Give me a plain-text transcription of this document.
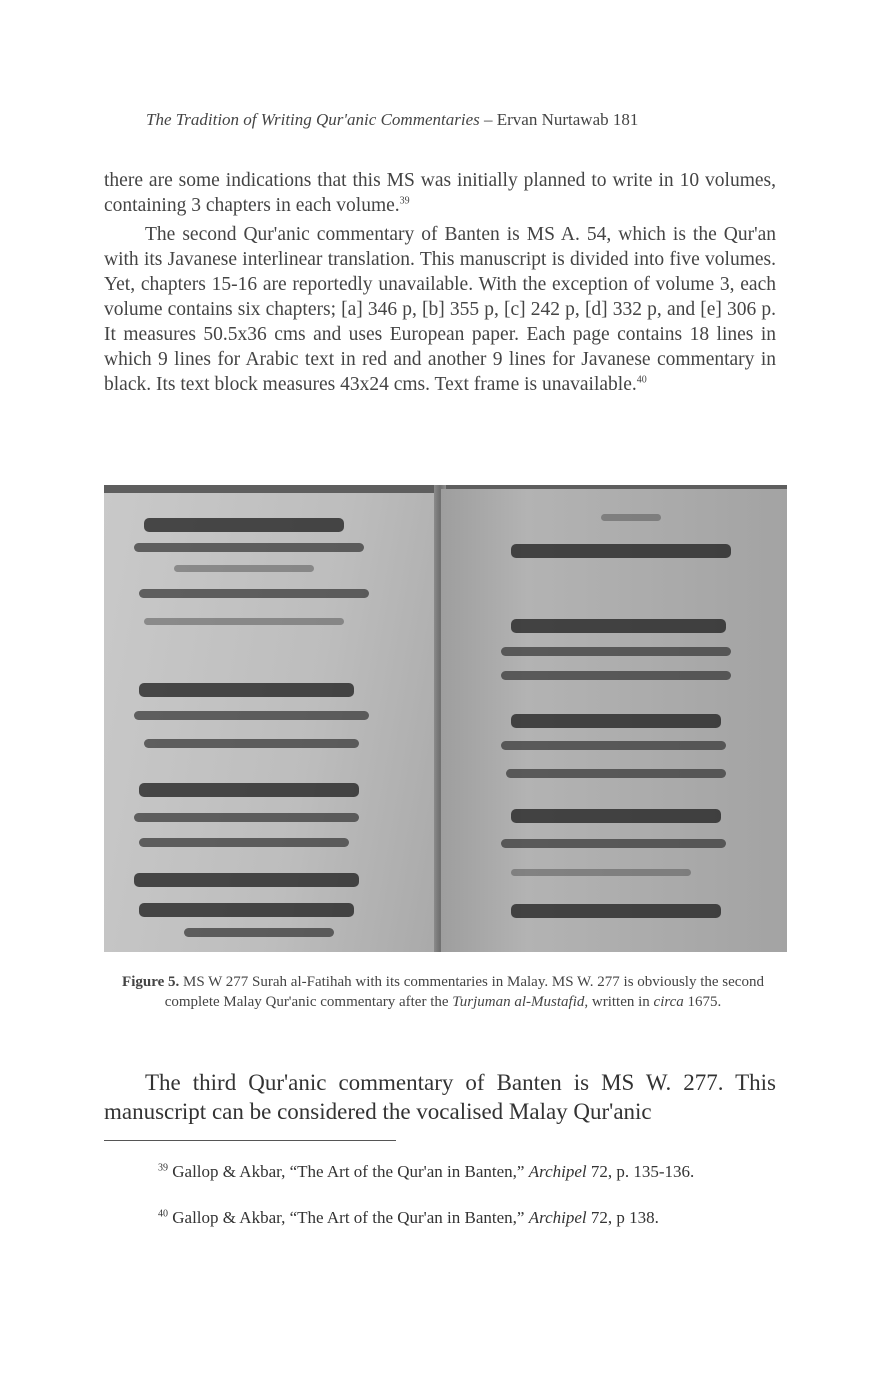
The Tradition of Writing Qur'anic Commentaries – Ervan Nurtawab 181
there are some indications that this MS was initially planned to write in 10 volumes, containing 3 chapters in each volume.$^{39}$
The second Qur'anic commentary of Banten is MS A. 54, which is the Qur'an with its Javanese interlinear translation. This manuscript is divided into five volumes. Yet, chapters 15-16 are reportedly unavailable. With the exception of volume 3, each volume contains six chapters; [a] 346 p, [b] 355 p, [c] 242 p, [d] 332 p, and [e] 306 p. It measures 50.5x36 cms and uses European paper. Each page contains 18 lines in which 9 lines for Arabic text in red and another 9 lines for Javanese commentary in black. Its text block measures 43x24 cms. Text frame is unavailable.$^{40}$
Figure 5. MS W 277 Surah al-Fatihah with its commentaries in Malay. MS W. 277 is obviously the second complete Malay Qur'anic commentary after the Turjuman al-Mustafid, written in circa 1675.
The third Qur'anic commentary of Banten is MS W. 277. This manuscript can be considered the vocalised Malay Qur'anic
$^{39}$ Gallop & Akbar, “The Art of the Qur'an in Banten,” Archipel 72, p. 135-136.
$^{40}$ Gallop & Akbar, “The Art of the Qur'an in Banten,” Archipel 72, p 138.
